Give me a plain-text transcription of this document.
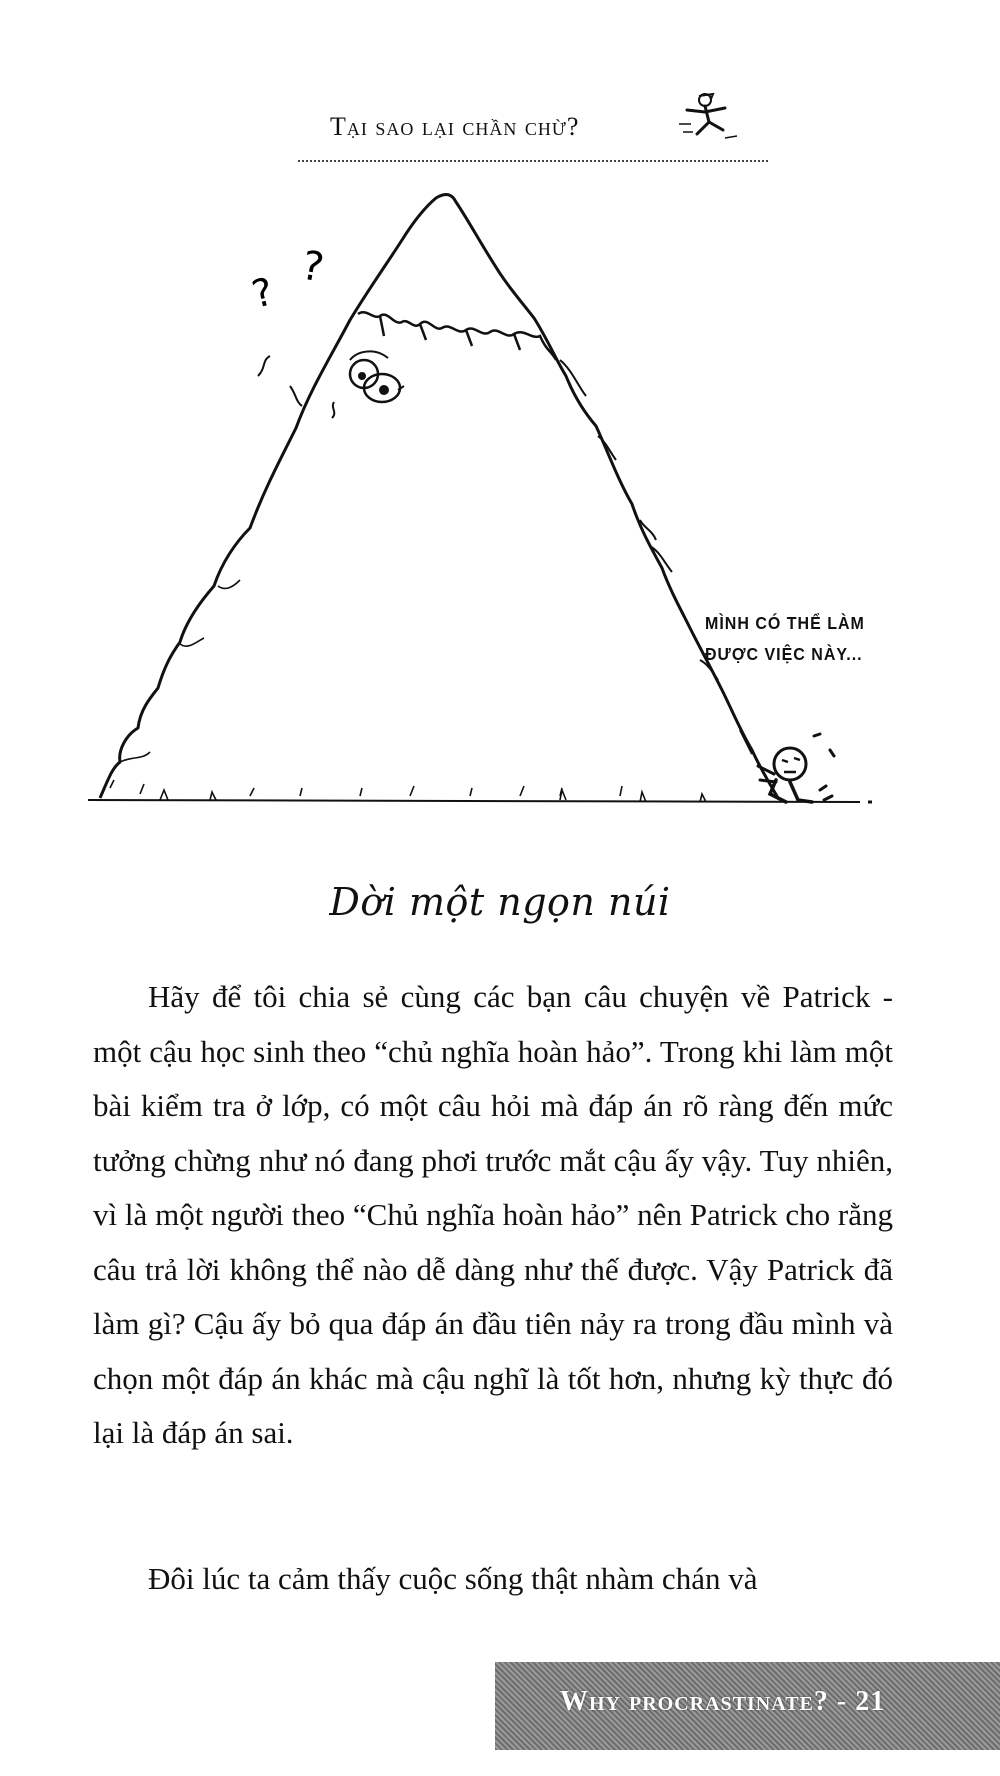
Tại sao lại chần chừ?
?
?
MÌNH CÓ THỂ LÀM
ĐƯỢC VIỆC NÀY...
Dời một ngọn núi

Hãy để tôi chia sẻ cùng các bạn câu chuyện về Patrick - một cậu học sinh theo “chủ nghĩa hoàn hảo”. Trong khi làm một bài kiểm tra ở lớp, có một câu hỏi mà đáp án rõ ràng đến mức tưởng chừng như nó đang phơi trước mắt cậu ấy vậy. Tuy nhiên, vì là một người theo “Chủ nghĩa hoàn hảo” nên Patrick cho rằng câu trả lời không thể nào dễ dàng như thế được. Vậy Patrick đã làm gì? Cậu ấy bỏ qua đáp án đầu tiên nảy ra trong đầu mình và chọn một đáp án khác mà cậu nghĩ là tốt hơn, nhưng kỳ thực đó lại là đáp án sai.

Đôi lúc ta cảm thấy cuộc sống thật nhàm chán và

Why procrastinate? - 21
